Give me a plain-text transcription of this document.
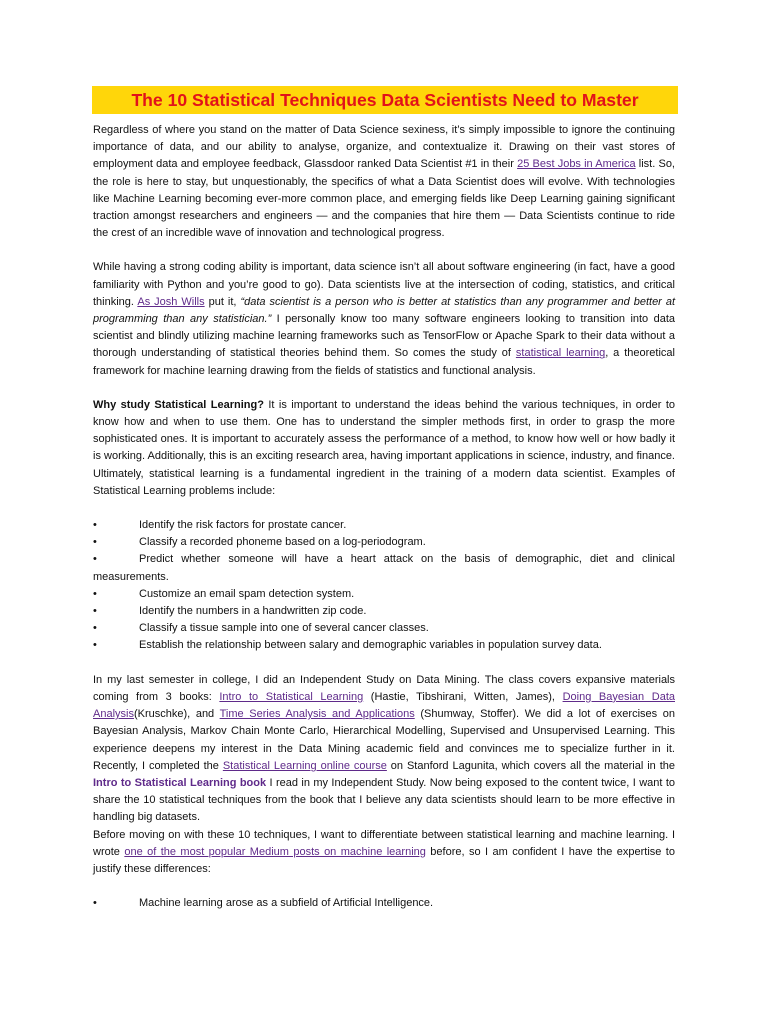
The 10 Statistical Techniques Data Scientists Need to Master

Regardless of where you stand on the matter of Data Science sexiness, it’s simply impossible to ignore the continuing importance of data, and our ability to analyse, organize, and contextualize it. Drawing on their vast stores of employment data and employee feedback, Glassdoor ranked Data Scientist #1 in their 25 Best Jobs in America list. So, the role is here to stay, but unquestionably, the specifics of what a Data Scientist does will evolve. With technologies like Machine Learning becoming ever-more common place, and emerging fields like Deep Learning gaining significant traction amongst researchers and engineers — and the companies that hire them — Data Scientists continue to ride the crest of an incredible wave of innovation and technological progress.

While having a strong coding ability is important, data science isn’t all about software engineering (in fact, have a good familiarity with Python and you’re good to go). Data scientists live at the intersection of coding, statistics, and critical thinking. As Josh Wills put it, “data scientist is a person who is better at statistics than any programmer and better at programming than any statistician.” I personally know too many software engineers looking to transition into data scientist and blindly utilizing machine learning frameworks such as TensorFlow or Apache Spark to their data without a thorough understanding of statistical theories behind them. So comes the study of statistical learning, a theoretical framework for machine learning drawing from the fields of statistics and functional analysis.

Why study Statistical Learning? It is important to understand the ideas behind the various techniques, in order to know how and when to use them. One has to understand the simpler methods first, in order to grasp the more sophisticated ones. It is important to accurately assess the performance of a method, to know how well or how badly it is working. Additionally, this is an exciting research area, having important applications in science, industry, and finance. Ultimately, statistical learning is a fundamental ingredient in the training of a modern data scientist. Examples of Statistical Learning problems include:

•	Identify the risk factors for prostate cancer.
•	Classify a recorded phoneme based on a log-periodogram.
•	Predict whether someone will have a heart attack on the basis of demographic, diet and clinical measurements.
•	Customize an email spam detection system.
•	Identify the numbers in a handwritten zip code.
•	Classify a tissue sample into one of several cancer classes.
•	Establish the relationship between salary and demographic variables in population survey data.

In my last semester in college, I did an Independent Study on Data Mining. The class covers expansive materials coming from 3 books: Intro to Statistical Learning (Hastie, Tibshirani, Witten, James), Doing Bayesian Data Analysis(Kruschke), and Time Series Analysis and Applications (Shumway, Stoffer). We did a lot of exercises on Bayesian Analysis, Markov Chain Monte Carlo, Hierarchical Modelling, Supervised and Unsupervised Learning. This experience deepens my interest in the Data Mining academic field and convinces me to specialize further in it. Recently, I completed the Statistical Learning online course on Stanford Lagunita, which covers all the material in the Intro to Statistical Learning book I read in my Independent Study. Now being exposed to the content twice, I want to share the 10 statistical techniques from the book that I believe any data scientists should learn to be more effective in handling big datasets.

Before moving on with these 10 techniques, I want to differentiate between statistical learning and machine learning. I wrote one of the most popular Medium posts on machine learning before, so I am confident I have the expertise to justify these differences:

•	Machine learning arose as a subfield of Artificial Intelligence.
